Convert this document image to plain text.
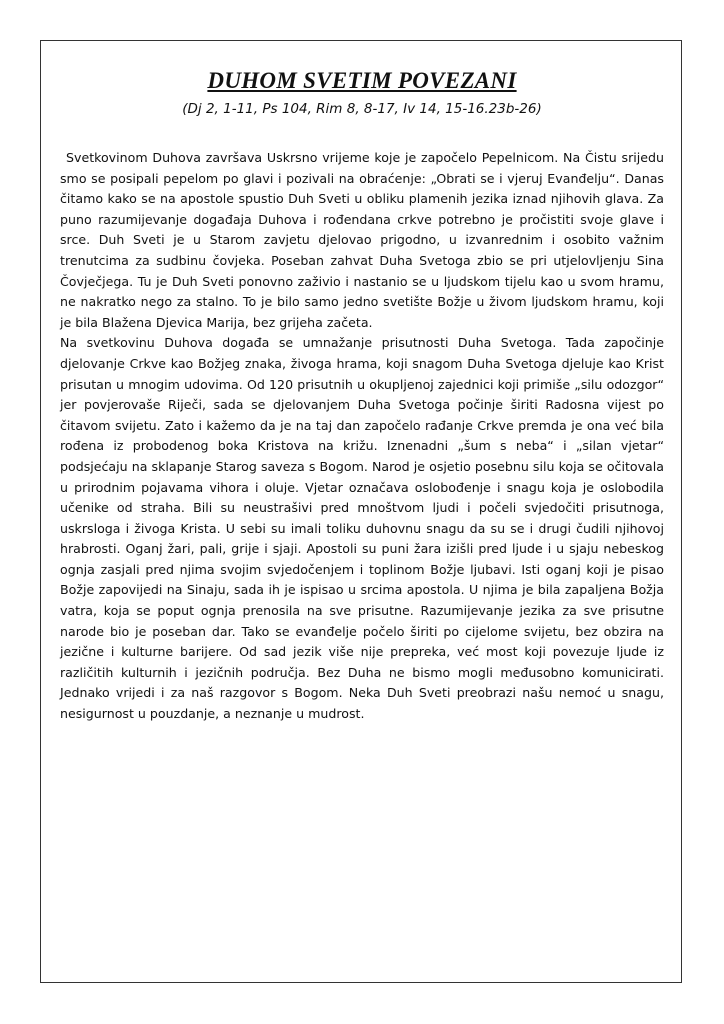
DUHOM SVETIM POVEZANI
(Dj 2, 1-11, Ps 104, Rim 8, 8-17, Iv 14, 15-16.23b-26)

Svetkovinom Duhova završava Uskrsno vrijeme koje je započelo Pepelnicom. Na Čistu srijedu smo se posipali pepelom po glavi i pozivali na obraćenje: „Obrati se i vjeruj Evanđelju“. Danas čitamo kako se na apostole spustio Duh Sveti u obliku plamenih jezika iznad njihovih glava. Za puno razumijevanje događaja Duhova i rođendana crkve potrebno je pročistiti svoje glave i srce. Duh Sveti je u Starom zavjetu djelovao prigodno, u izvanrednim i osobito važnim trenutcima za sudbinu čovjeka. Poseban zahvat Duha Svetoga zbio se pri utjelovljenju Sina Čovječjega. Tu je Duh Sveti ponovno zaživio i nastanio se u ljudskom tijelu kao u svom hramu, ne nakratko nego za stalno. To je bilo samo jedno svetište Božje u živom ljudskom hramu, koji je bila Blažena Djevica Marija, bez grijeha začeta.

Na svetkovinu Duhova događa se umnažanje prisutnosti Duha Svetoga. Tada započinje djelovanje Crkve kao Božjeg znaka, živoga hrama, koji snagom Duha Svetoga djeluje kao Krist prisutan u mnogim udovima. Od 120 prisutnih u okupljenoj zajednici koji primiše „silu odozgor“ jer povjerovaše Riječi, sada se djelovanjem Duha Svetoga počinje širiti Radosna vijest po čitavom svijetu. Zato i kažemo da je na taj dan započelo rađanje Crkve premda je ona već bila rođena iz probodenog boka Kristova na križu. Iznenadni „šum s neba“ i „silan vjetar“ podsjećaju na sklapanje Starog saveza s Bogom. Narod je osjetio posebnu silu koja se očitovala u prirodnim pojavama vihora i oluje. Vjetar označava oslobođenje i snagu koja je oslobodila učenike od straha. Bili su neustrašivi pred mnoštvom ljudi i počeli svjedočiti prisutnoga, uskrsloga i živoga Krista. U sebi su imali toliku duhovnu snagu da su se i drugi čudili njihovoj hrabrosti. Oganj žari, pali, grije i sjaji. Apostoli su puni žara izišli pred ljude i u sjaju nebeskog ognja zasjali pred njima svojim svjedočenjem i toplinom Božje ljubavi. Isti oganj koji je pisao Božje zapovijedi na Sinaju, sada ih je ispisao u srcima apostola. U njima je bila zapaljena Božja vatra, koja se poput ognja prenosila na sve prisutne. Razumijevanje jezika za sve prisutne narode bio je poseban dar. Tako se evanđelje počelo širiti po cijelome svijetu, bez obzira na jezične i kulturne barijere. Od sad jezik više nije prepreka, već most koji povezuje ljude iz različitih kulturnih i jezičnih područja. Bez Duha ne bismo mogli međusobno komunicirati. Jednako vrijedi i za naš razgovor s Bogom. Neka Duh Sveti preobrazi našu nemoć u snagu, nesigurnost u pouzdanje, a neznanje u mudrost.
